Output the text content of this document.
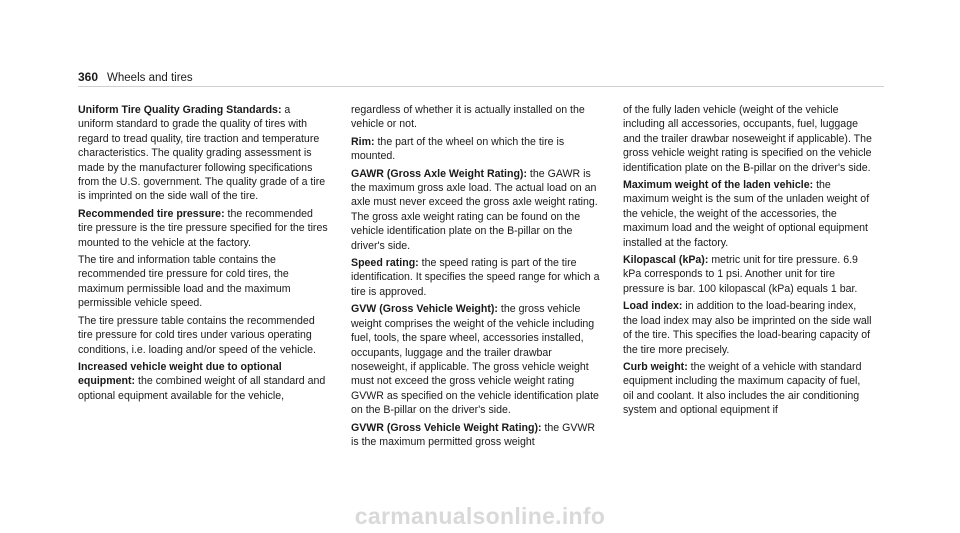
360 Wheels and tires

Uniform Tire Quality Grading Standards: a uniform standard to grade the quality of tires with regard to tread quality, tire traction and temperature characteristics. The quality grading assessment is made by the manufacturer following specifications from the U.S. government. The quality grade of a tire is imprinted on the side wall of the tire.

Recommended tire pressure: the recommended tire pressure is the tire pressure specified for the tires mounted to the vehicle at the factory.

The tire and information table contains the recommended tire pressure for cold tires, the maximum permissible load and the maximum permissible vehicle speed.

The tire pressure table contains the recommended tire pressure for cold tires under various operating conditions, i.e. loading and/or speed of the vehicle.

Increased vehicle weight due to optional equipment: the combined weight of all standard and optional equipment available for the vehicle,

regardless of whether it is actually installed on the vehicle or not.

Rim: the part of the wheel on which the tire is mounted.

GAWR (Gross Axle Weight Rating): the GAWR is the maximum gross axle load. The actual load on an axle must never exceed the gross axle weight rating. The gross axle weight rating can be found on the vehicle identification plate on the B-pillar on the driver's side.

Speed rating: the speed rating is part of the tire identification. It specifies the speed range for which a tire is approved.

GVW (Gross Vehicle Weight): the gross vehicle weight comprises the weight of the vehicle including fuel, tools, the spare wheel, accessories installed, occupants, luggage and the trailer drawbar noseweight, if applicable. The gross vehicle weight must not exceed the gross vehicle weight rating GVWR as specified on the vehicle identification plate on the B-pillar on the driver's side.

GVWR (Gross Vehicle Weight Rating): the GVWR is the maximum permitted gross weight

of the fully laden vehicle (weight of the vehicle including all accessories, occupants, fuel, luggage and the trailer drawbar noseweight if applicable). The gross vehicle weight rating is specified on the vehicle identification plate on the B-pillar on the driver's side.

Maximum weight of the laden vehicle: the maximum weight is the sum of the unladen weight of the vehicle, the weight of the accessories, the maximum load and the weight of optional equipment installed at the factory.

Kilopascal (kPa): metric unit for tire pressure. 6.9 kPa corresponds to 1 psi. Another unit for tire pressure is bar. 100 kilopascal (kPa) equals 1 bar.

Load index: in addition to the load-bearing index, the load index may also be imprinted on the side wall of the tire. This specifies the load-bearing capacity of the tire more precisely.

Curb weight: the weight of a vehicle with standard equipment including the maximum capacity of fuel, oil and coolant. It also includes the air conditioning system and optional equipment if

carmanualsonline.info
